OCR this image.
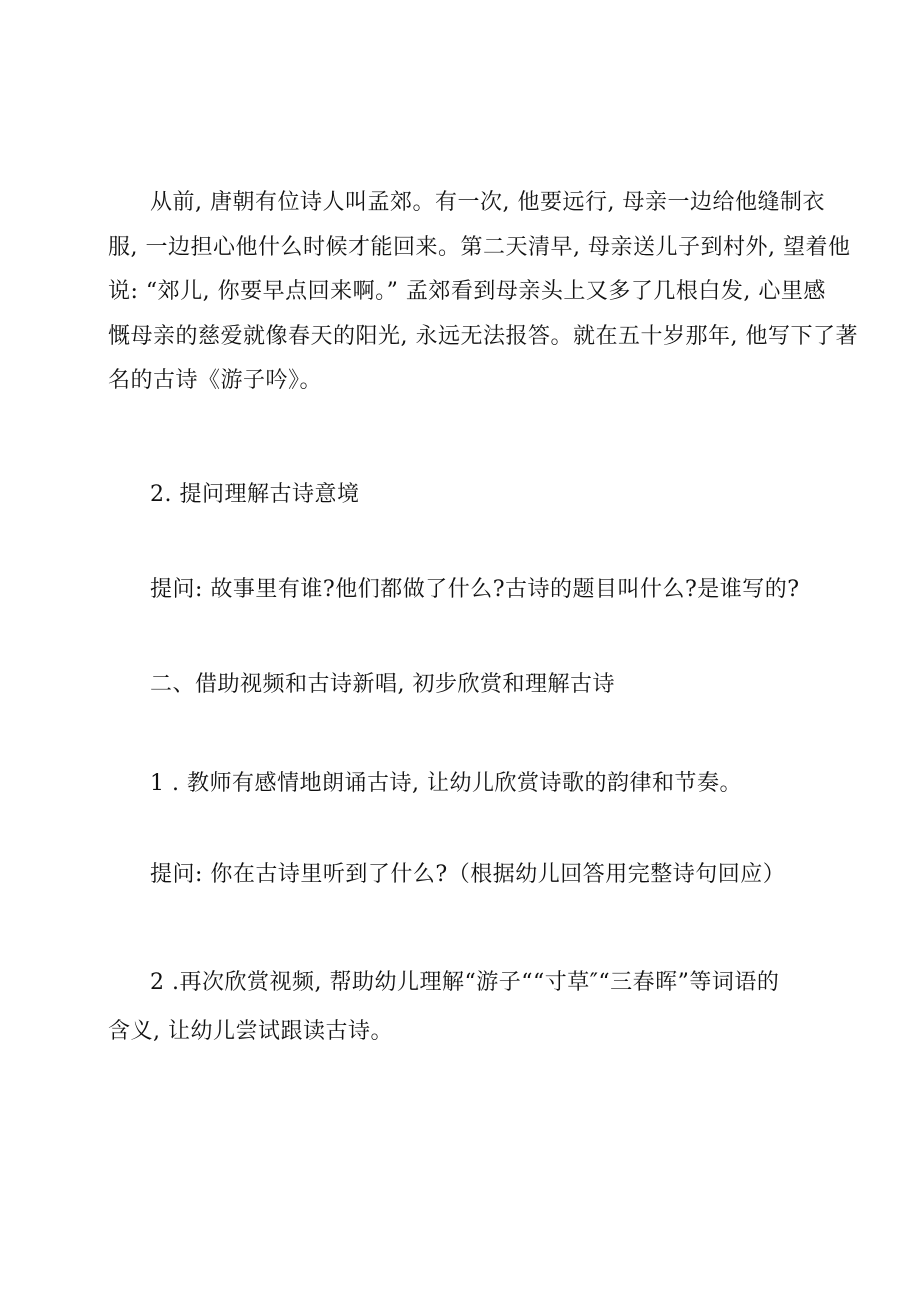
从前, 唐朝有位诗人叫孟郊。有一次, 他要远行, 母亲一边给他缝制衣
服, 一边担心他什么时候才能回来。第二天清早, 母亲送儿子到村外, 望着他
说: “郊儿, 你要早点回来啊。” 孟郊看到母亲头上又多了几根白发, 心里感
慨母亲的慈爱就像春天的阳光, 永远无法报答。就在五十岁那年, 他写下了著
名的古诗《游子吟》。

2. 提问理解古诗意境

提问: 故事里有谁?他们都做了什么?古诗的题目叫什么?是谁写的?

二、借助视频和古诗新唱, 初步欣赏和理解古诗

1 . 教师有感情地朗诵古诗, 让幼儿欣赏诗歌的韵律和节奏。

提问: 你在古诗里听到了什么?（根据幼儿回答用完整诗句回应）

2 .再次欣赏视频, 帮助幼儿理解“游子““寸草″“三春晖”等词语的
含义, 让幼儿尝试跟读古诗。
